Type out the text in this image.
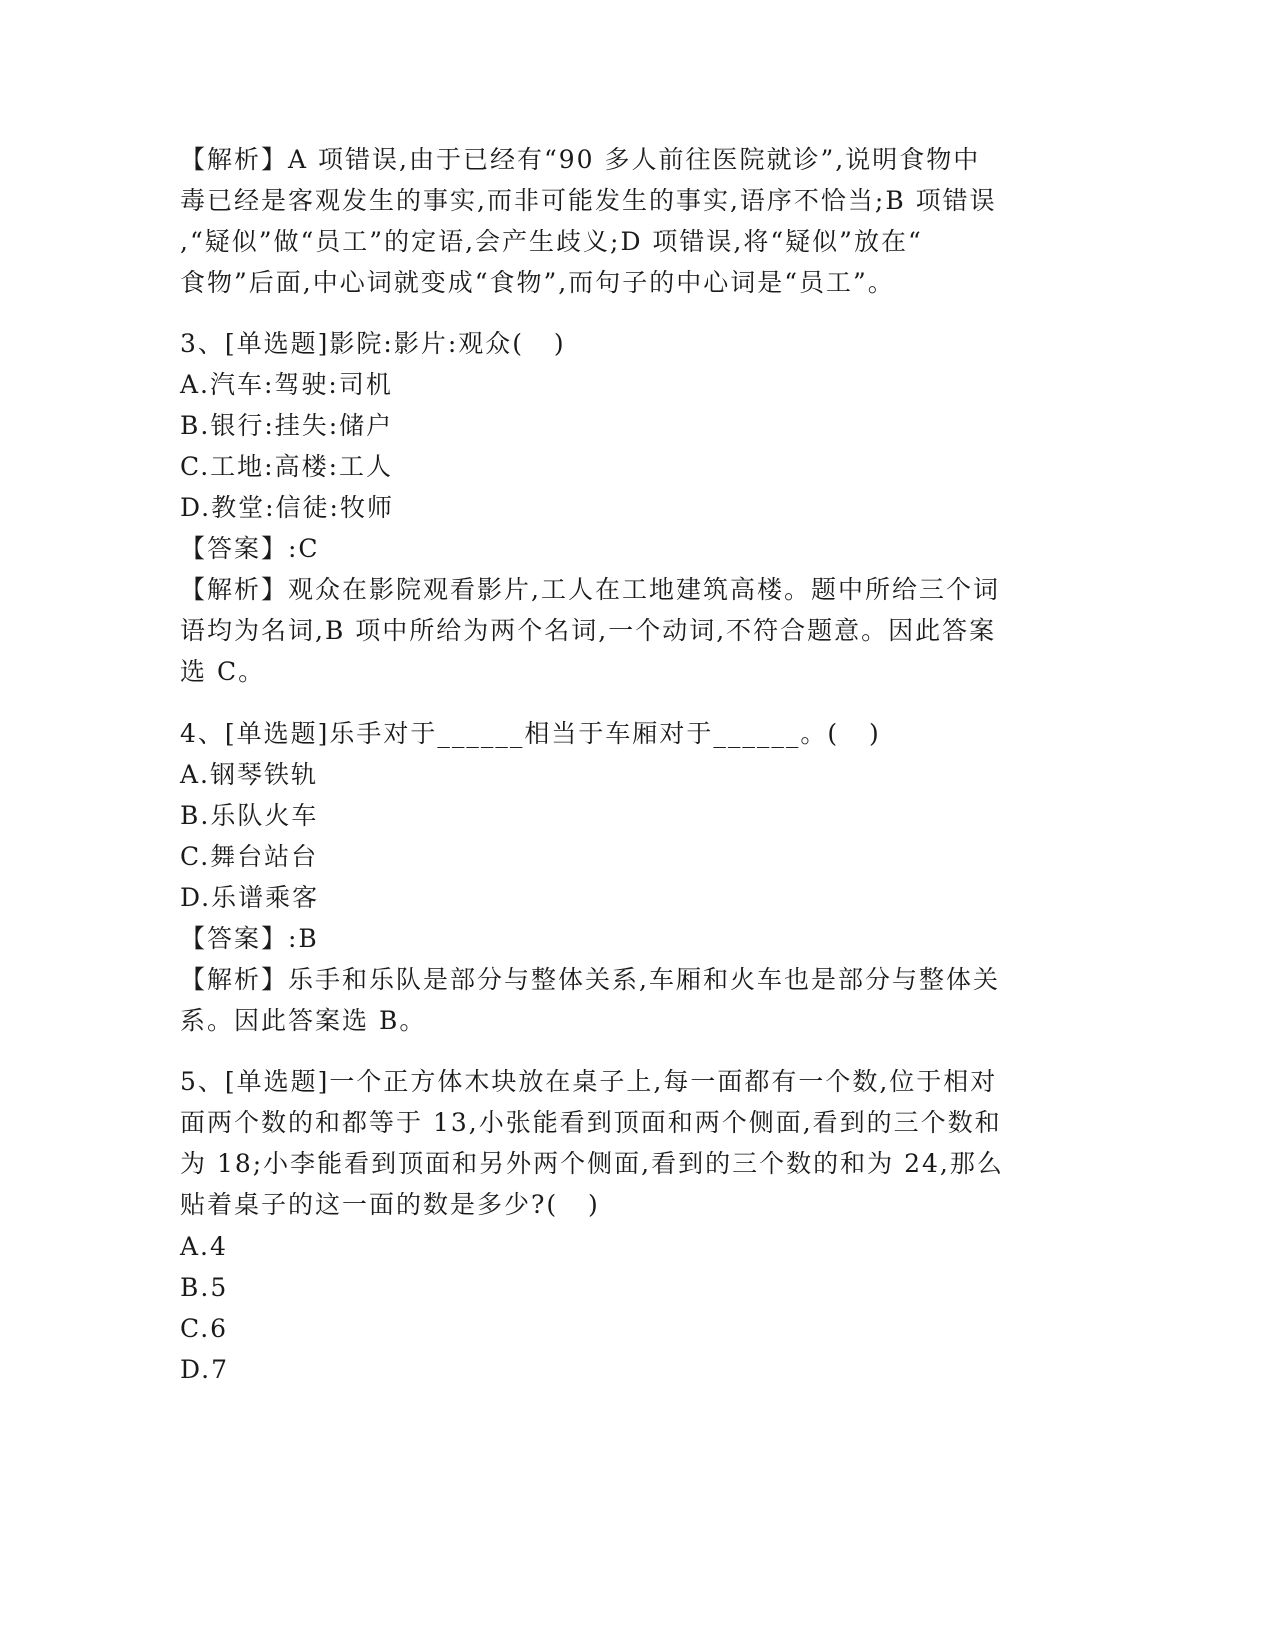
【解析】A 项错误,由于已经有“90 多人前往医院就诊”,说明食物中
毒已经是客观发生的事实,而非可能发生的事实,语序不恰当;B 项错误
,“疑似”做“员工”的定语,会产生歧义;D 项错误,将“疑似”放在“
食物”后面,中心词就变成“食物”,而句子的中心词是“员工”。
3、[单选题]影院:影片:观众(   )
A.汽车:驾驶:司机
B.银行:挂失:储户
C.工地:高楼:工人
D.教堂:信徒:牧师
【答案】:C
【解析】观众在影院观看影片,工人在工地建筑高楼。题中所给三个词
语均为名词,B 项中所给为两个名词,一个动词,不符合题意。因此答案
选 C。
4、[单选题]乐手对于______相当于车厢对于______。(   )
A.钢琴铁轨
B.乐队火车
C.舞台站台
D.乐谱乘客
【答案】:B
【解析】乐手和乐队是部分与整体关系,车厢和火车也是部分与整体关
系。因此答案选 B。
5、[单选题]一个正方体木块放在桌子上,每一面都有一个数,位于相对
面两个数的和都等于 13,小张能看到顶面和两个侧面,看到的三个数和
为 18;小李能看到顶面和另外两个侧面,看到的三个数的和为 24,那么
贴着桌子的这一面的数是多少?(   )
A.4
B.5
C.6
D.7
